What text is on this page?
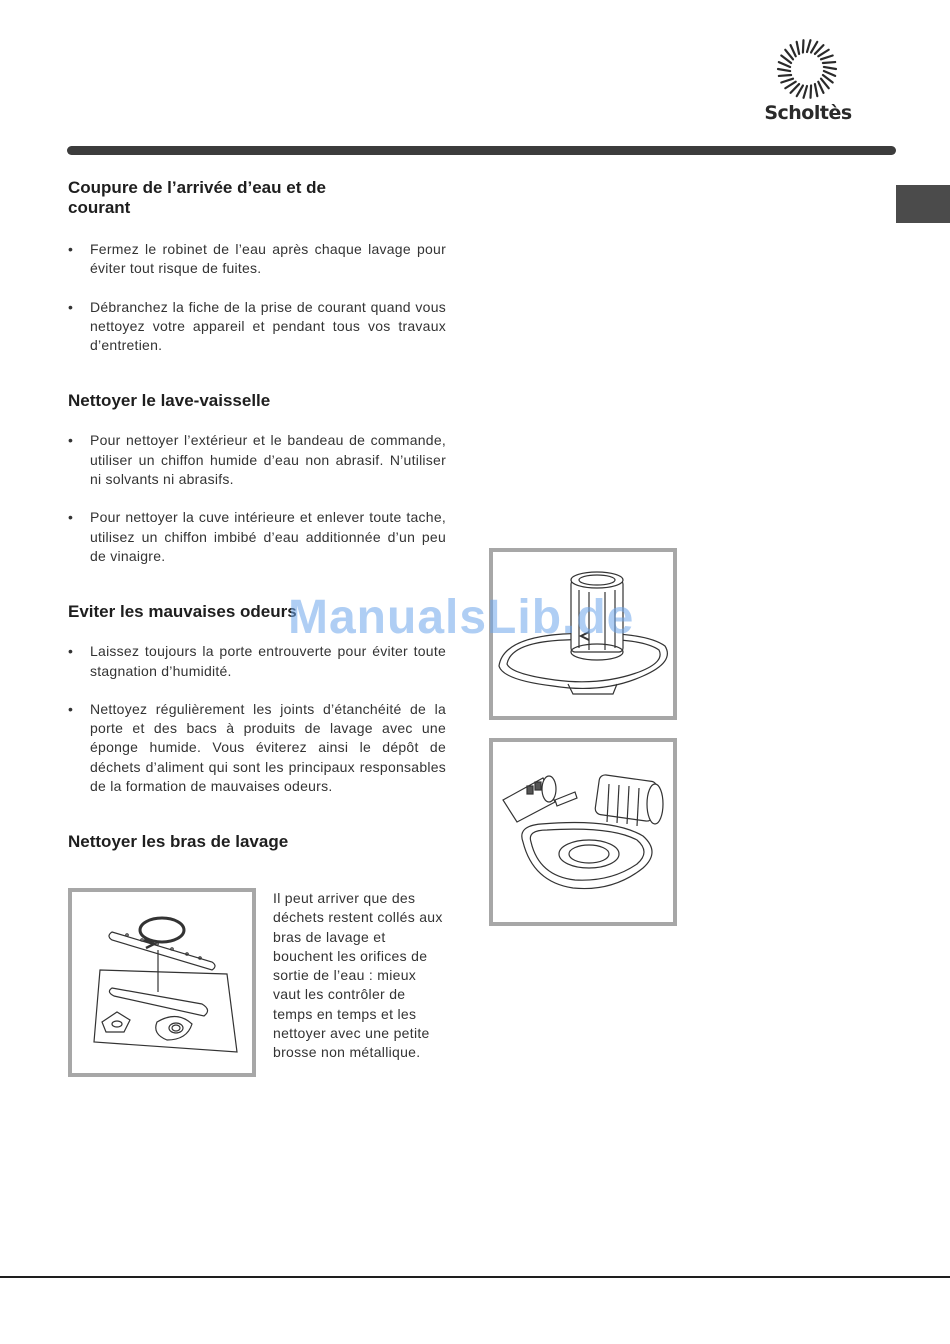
Scholtès
Coupure de l’arrivée d’eau et de courant
• Fermez le robinet de l’eau après chaque lavage pour éviter tout risque de fuites.
• Débranchez la fiche de la prise de courant quand vous nettoyez votre appareil et pendant tous vos travaux d’entretien.
Nettoyer le lave-vaisselle
• Pour nettoyer l’extérieur et le bandeau de commande, utiliser un chiffon humide d’eau non abrasif. N’utiliser ni solvants ni abrasifs.
• Pour nettoyer la cuve intérieure et enlever toute tache, utilisez un chiffon imbibé d’eau additionnée d’un peu de vinaigre.
Eviter les mauvaises odeurs
• Laissez toujours la porte entrouverte pour éviter toute stagnation d’humidité.
• Nettoyez régulièrement les joints d’étanchéité de la porte et des bacs à produits de lavage avec une éponge humide. Vous éviterez ainsi le dépôt de déchets d’aliment qui sont les principaux responsables de la formation de mauvaises odeurs.
Nettoyer les bras de lavage
Il peut arriver que des déchets restent collés aux bras de lavage et bouchent les orifices de sortie de l’eau : mieux vaut les contrôler de temps en temps et les nettoyer avec une petite brosse non métallique.
ManualsLib.de
